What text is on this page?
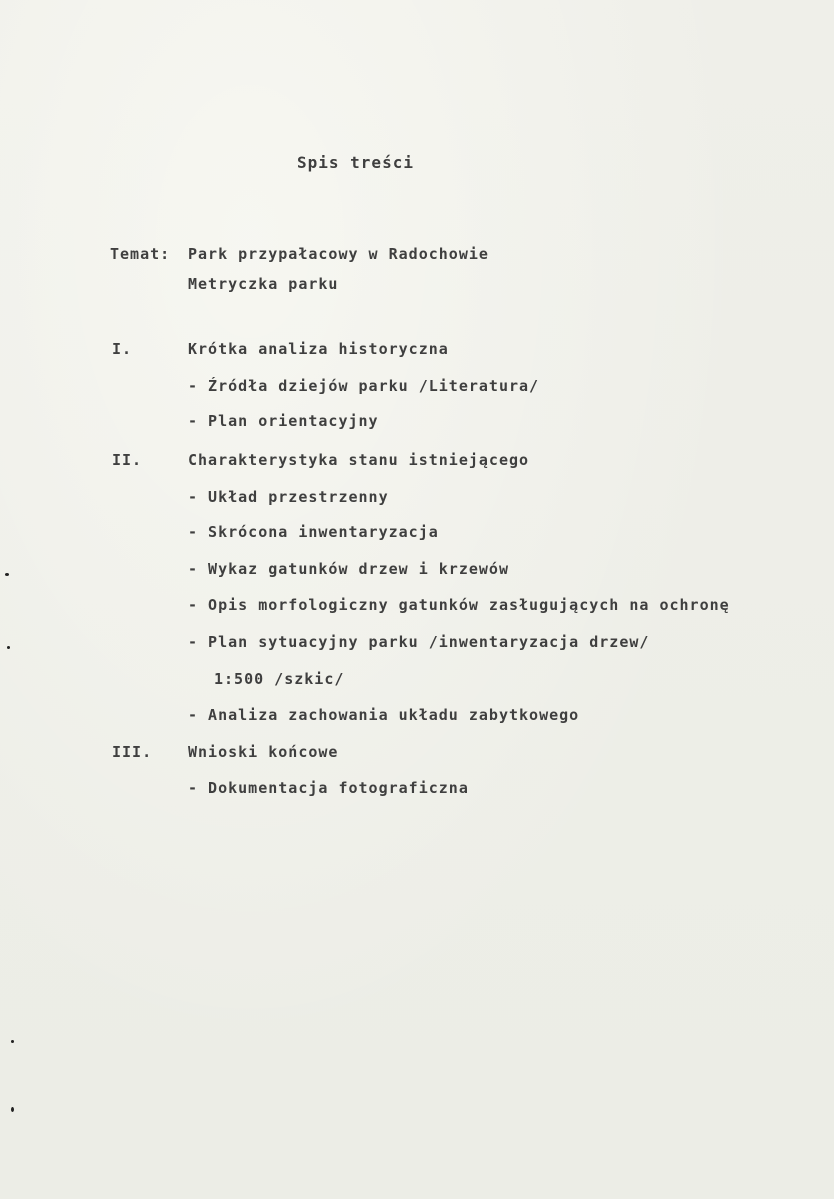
Spis treści
Temat: Park przypałacowy w Radochowie
Metryczka parku
I.	Krótka analiza historyczna
- Źródła dziejów parku /Literatura/
- Plan orientacyjny
II.	Charakterystyka stanu istniejącego
- Układ przestrzenny
- Skrócona inwentaryzacja
- Wykaz gatunków drzew i krzewów
- Opis morfologiczny gatunków zasługujących na ochronę
- Plan sytuacyjny parku /inwentaryzacja drzew/
1:500 /szkic/
- Analiza zachowania układu zabytkowego
III. Wnioski końcowe
- Dokumentacja fotograficzna
